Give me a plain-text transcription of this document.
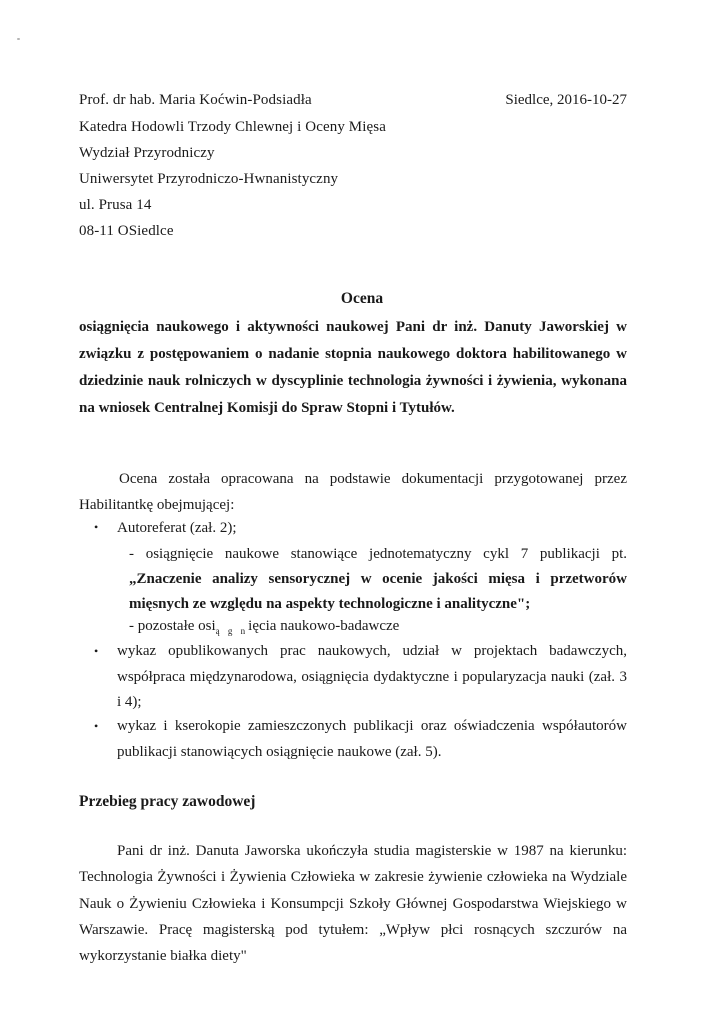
Prof. dr hab. Maria Koćwin-Podsiadła	Siedlce, 2016-10-27
Katedra Hodowli Trzody Chlewnej i Oceny Mięsa
Wydział Przyrodniczy
Uniwersytet Przyrodniczo-Hwnanistyczny
ul. Prusa 14
08-11 OSiedlce
Ocena
osiągnięcia naukowego i aktywności naukowej Pani dr inż. Danuty Jaworskiej w związku z postępowaniem o nadanie stopnia naukowego doktora habilitowanego w dziedzinie nauk rolniczych w dyscyplinie technologia żywności i żywienia, wykonana na wniosek Centralnej Komisji do Spraw Stopni i Tytułów.
Ocena została opracowana na podstawie dokumentacji przygotowanej przez Habilitantkę obejmującej:
• Autoreferat (zał. 2);
- osiągnięcie naukowe stanowiące jednotematyczny cykl 7 publikacji pt. „Znaczenie analizy sensorycznej w ocenie jakości mięsa i przetworów mięsnych ze względu na aspekty technologiczne i analityczne";
- pozostałe osi$_{ą g n}$ięcia naukowo-badawcze
• wykaz opublikowanych prac naukowych, udział w projektach badawczych, współpraca międzynarodowa, osiągnięcia dydaktyczne i popularyzacja nauki (zał. 3 i 4);
• wykaz i kserokopie zamieszczonych publikacji oraz oświadczenia współautorów publikacji stanowiących osiągnięcie naukowe (zał. 5).
Przebieg pracy zawodowej
Pani dr inż. Danuta Jaworska ukończyła studia magisterskie w 1987 na kierunku: Technologia Żywności i Żywienia Człowieka w zakresie żywienie człowieka na Wydziale Nauk o Żywieniu Człowieka i Konsumpcji Szkoły Głównej Gospodarstwa Wiejskiego w Warszawie. Pracę magisterską pod tytułem: „Wpływ płci rosnących szczurów na wykorzystanie białka diety"
